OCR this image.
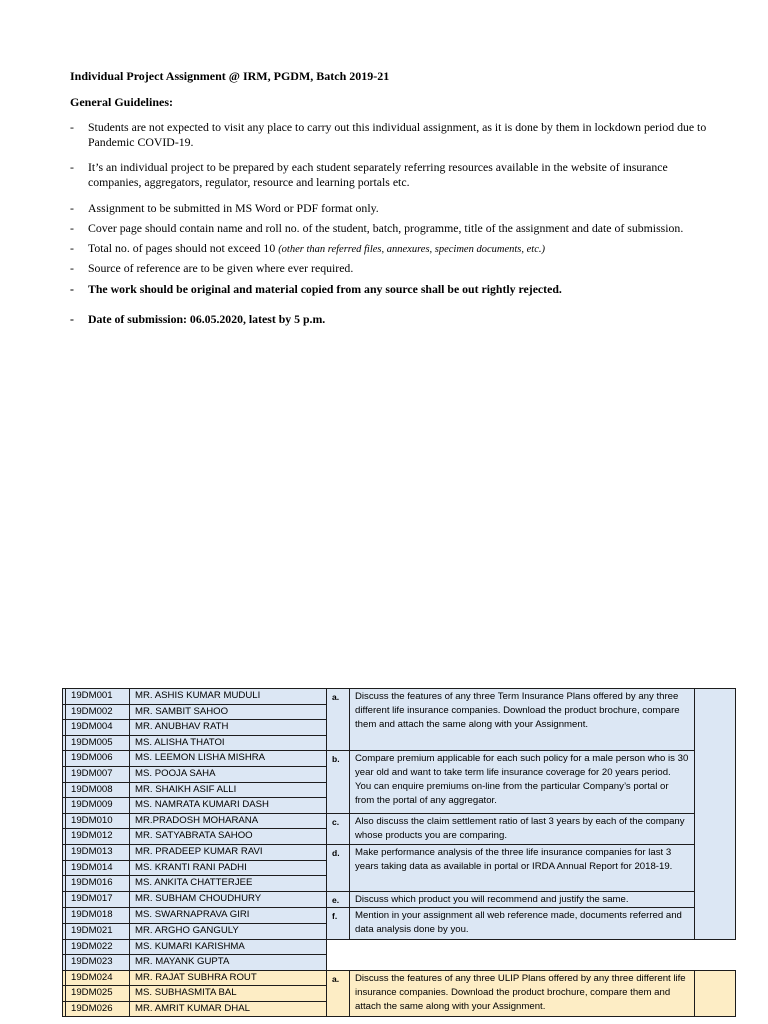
Individual Project Assignment @ IRM, PGDM, Batch 2019-21
General Guidelines:
-	Students are not expected to visit any place to carry out this individual assignment, as it is done by them in lockdown period due to Pandemic COVID-19.
-	It’s an individual project to be prepared by each student separately referring resources available in the website of insurance companies, aggregators, regulator, resource and learning portals etc.
-	Assignment to be submitted in MS Word or PDF format only.
-	Cover page should contain name and roll no. of the student, batch, programme, title of the assignment and date of submission.
-	Total no. of pages should not exceed 10 (other than referred files, annexures, specimen documents, etc.)
-	Source of reference are to be given where ever required.
-	The work should be original and material copied from any source shall be out rightly rejected.
-	Date of submission: 06.05.2020, latest by 5 p.m.
	19DM001	MR. ASHIS KUMAR MUDULI	a.	Discuss the features of any three Term Insurance Plans offered by any three different life insurance companies. Download the product brochure, compare them and attach the same along with your Assignment.	
	19DM002	MR. SAMBIT SAHOO			
	19DM004	MR. ANUBHAV RATH			
	19DM005	MS. ALISHA THATOI			
	19DM006	MS. LEEMON LISHA MISHRA	b.	Compare premium applicable for each such policy for a male person who is 30 year old and want to take term life insurance coverage for 20 years period. You can enquire premiums on-line from the particular Company’s portal or from the portal of any aggregator.	
	19DM007	MS. POOJA SAHA			
	19DM008	MR. SHAIKH ASIF ALLI			
	19DM009	MS. NAMRATA KUMARI DASH			
	19DM010	MR.PRADOSH MOHARANA	c.	Also discuss the claim settlement ratio of last 3 years by each of the company whose products you are comparing.	
	19DM012	MR. SATYABRATA SAHOO			
	19DM013	MR. PRADEEP KUMAR RAVI	d.	Make performance analysis of the three life insurance companies for last 3 years taking data as available in portal or IRDA Annual Report for 2018-19.	
	19DM014	MS. KRANTI RANI PADHI			
	19DM016	MS. ANKITA CHATTERJEE			
	19DM017	MR. SUBHAM CHOUDHURY	e.	Discuss which product you will recommend and justify the same.	
	19DM018	MS. SWARNAPRAVA GIRI	f.	Mention in your assignment all web reference made, documents referred and data analysis done by you.	
	19DM021	MR. ARGHO GANGULY			
	19DM022	MS. KUMARI KARISHMA			
	19DM023	MR. MAYANK GUPTA			
	19DM024	MR. RAJAT SUBHRA ROUT	a.	Discuss the features of any three ULIP Plans offered by any three different life insurance companies. Download the product brochure, compare them and attach the same along with your Assignment.	
	19DM025	MS. SUBHASMITA BAL			
	19DM026	MR. AMRIT KUMAR DHAL			
